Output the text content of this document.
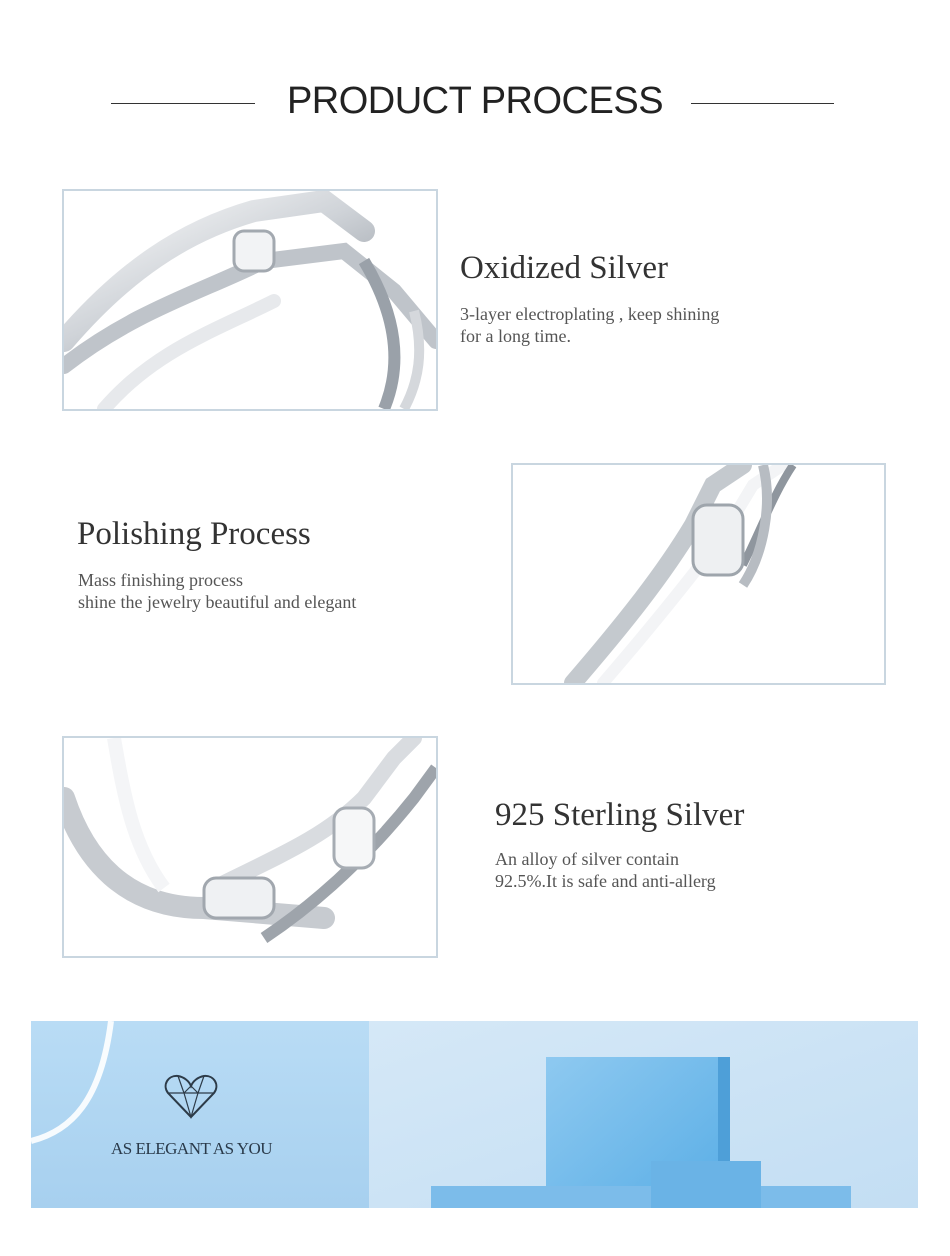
PRODUCT PROCESS
Oxidized Silver
3-layer electroplating , keep shining
for a long time.
Polishing Process
Mass finishing process
shine the jewelry beautiful and elegant
925 Sterling Silver
An alloy of silver contain
92.5%.It is safe and anti-allerg
AS ELEGANT AS YOU
